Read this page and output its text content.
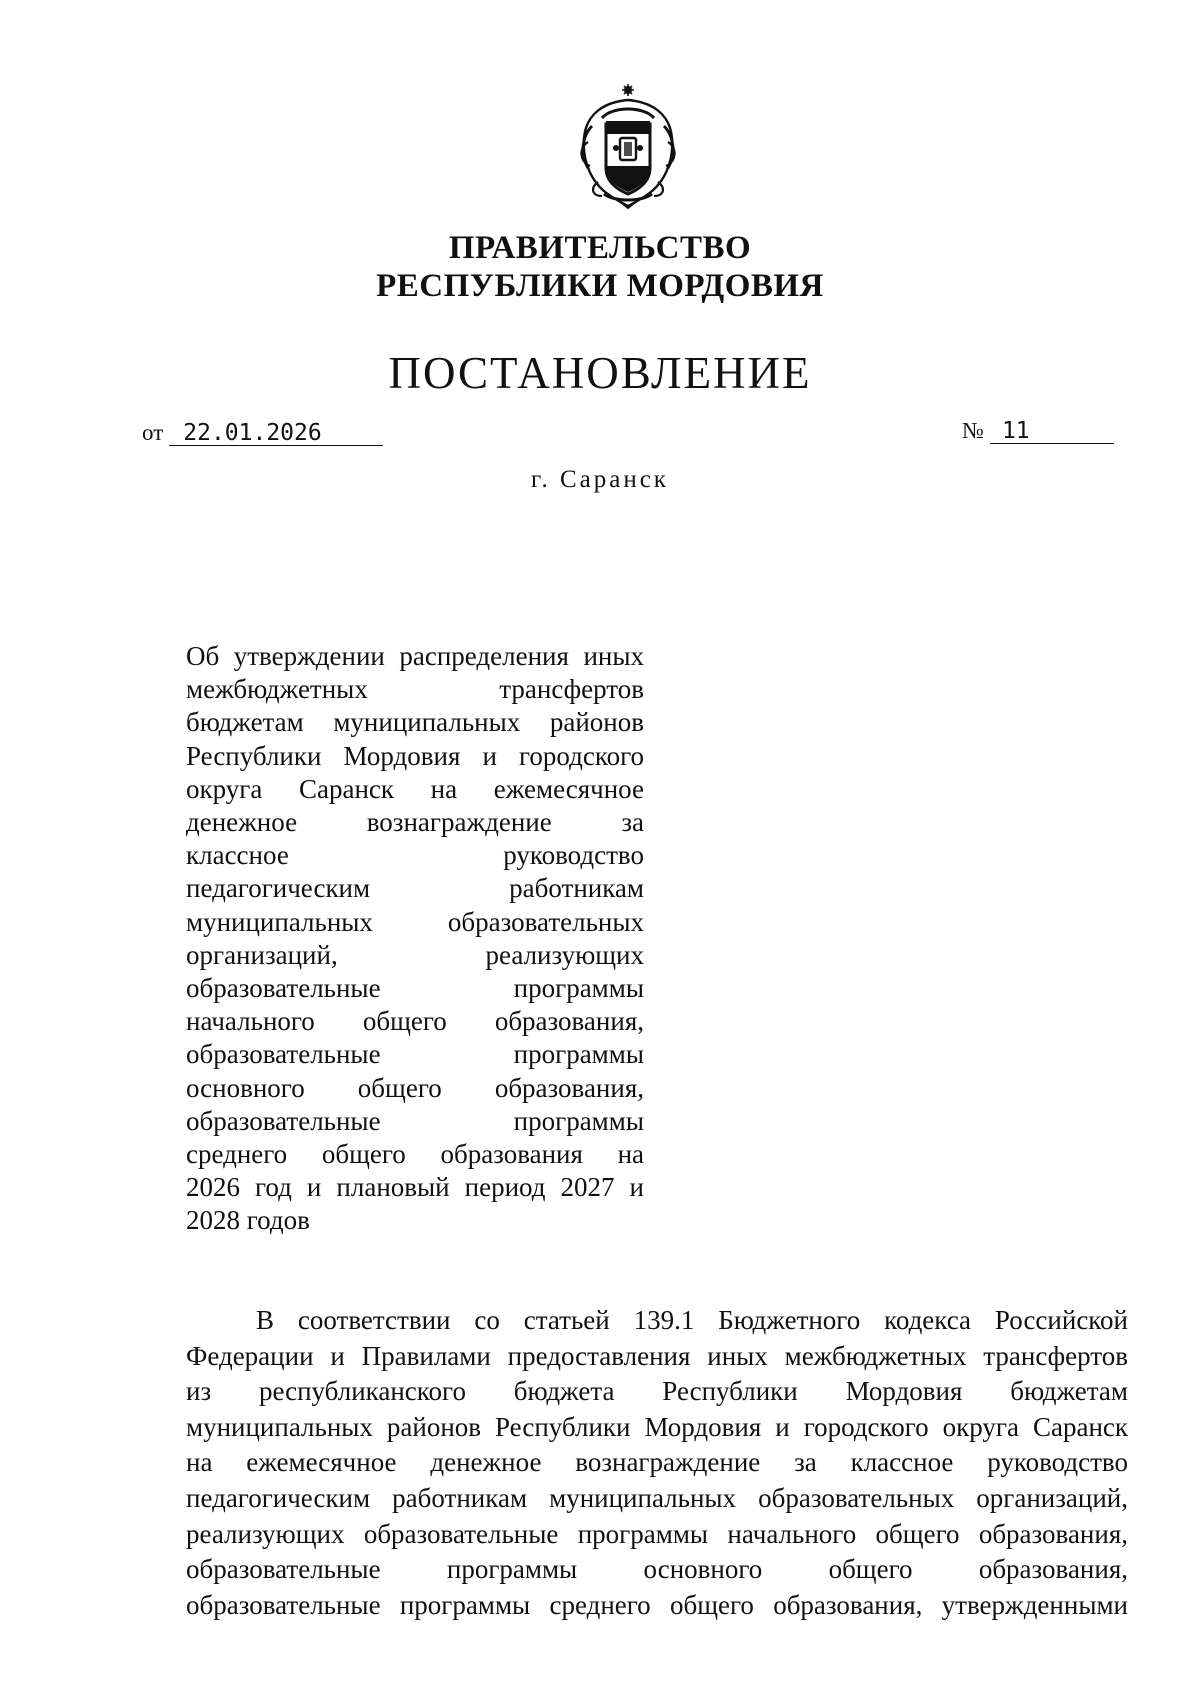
ПРАВИТЕЛЬСТВО
РЕСПУБЛИКИ МОРДОВИЯ
ПОСТАНОВЛЕНИЕ
от 22.01.2026	№ 11
г. Саранск
Об утверждении распределения иных
межбюджетных трансфертов
бюджетам муниципальных районов
Республики Мордовия и городского
округа Саранск на ежемесячное
денежное вознаграждение за
классное руководство
педагогическим работникам
муниципальных образовательных
организаций, реализующих
образовательные программы
начального общего образования,
образовательные программы
основного общего образования,
образовательные программы
среднего общего образования на
2026 год и плановый период 2027 и
2028 годов
В соответствии со статьей 139.1 Бюджетного кодекса Российской
Федерации и Правилами предоставления иных межбюджетных трансфертов
из республиканского бюджета Республики Мордовия бюджетам
муниципальных районов Республики Мордовия и городского округа Саранск
на ежемесячное денежное вознаграждение за классное руководство
педагогическим работникам муниципальных образовательных организаций,
реализующих образовательные программы начального общего образования,
образовательные программы основного общего образования,
образовательные программы среднего общего образования, утвержденными
